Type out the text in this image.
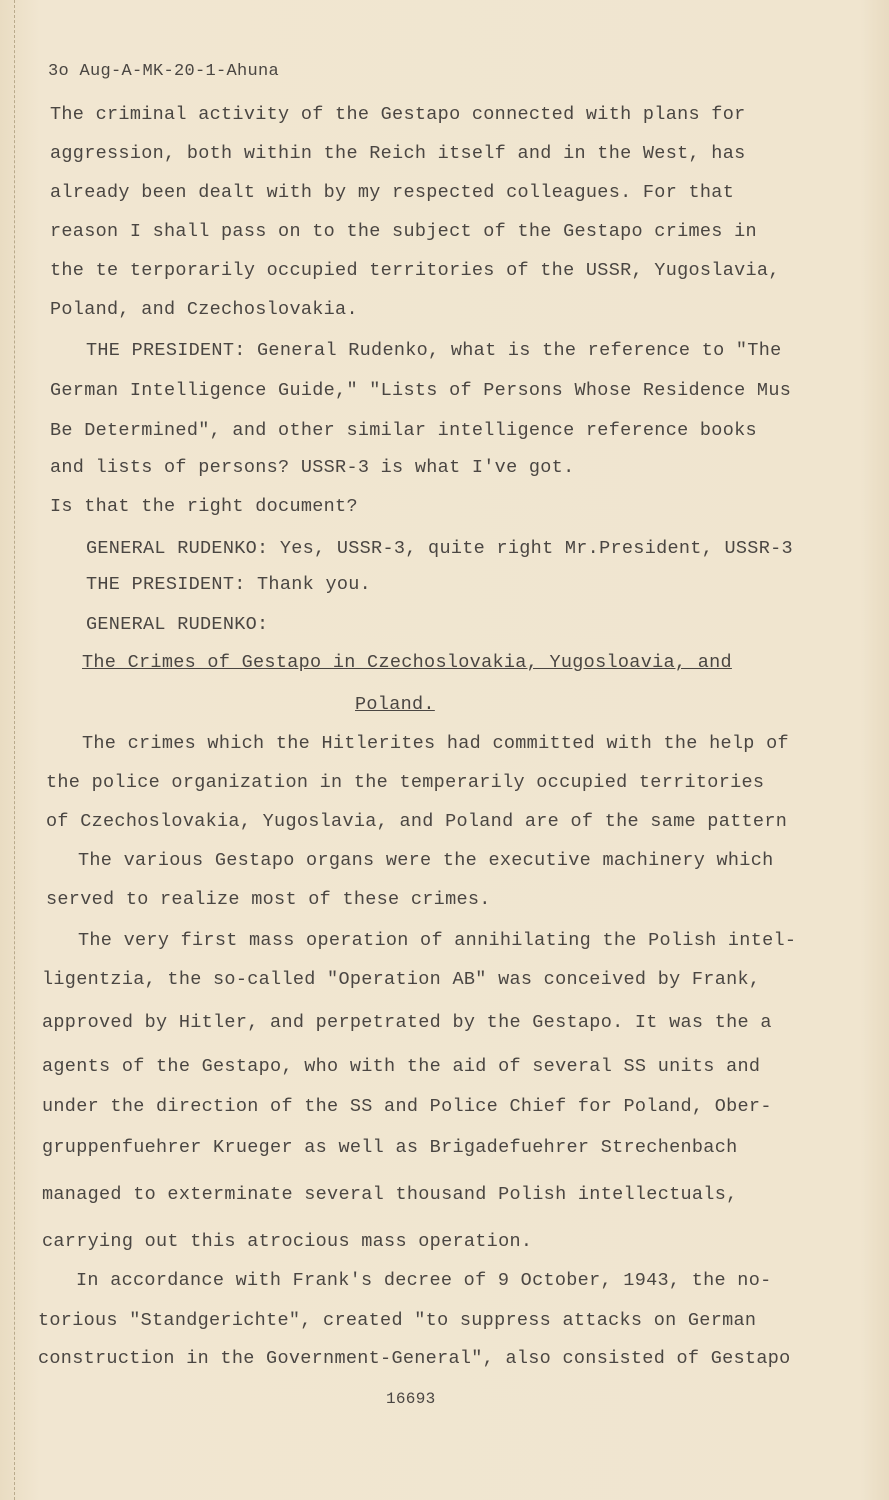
3o Aug-A-MK-20-1-Ahuna
The criminal activity of the Gestapo connected with plans for
aggression, both within the Reich itself and in the West, has
already been dealt with by my respected colleagues. For that
reason I shall pass on to the subject of the Gestapo crimes in
the te terporarily occupied territories of the USSR, Yugoslavia,
Poland, and Czechoslovakia.
THE PRESIDENT: General Rudenko, what is the reference to "The
German Intelligence Guide," "Lists of Persons Whose Residence Mus
Be Determined", and other similar intelligence reference books
and lists of persons? USSR-3 is what I've got.
Is that the right document?
GENERAL RUDENKO: Yes, USSR-3, quite right Mr.President, USSR-3
THE PRESIDENT: Thank you.
GENERAL RUDENKO:
The Crimes of Gestapo in Czechoslovakia, Yugosloavia, and
Poland.
The crimes which the Hitlerites had committed with the help of
the police organization in the temperarily occupied territories
of Czechoslovakia, Yugoslavia, and Poland are of the same pattern
The various Gestapo organs were the executive machinery which
served to realize most of these crimes.
The very first mass operation of annihilating the Polish intel-
ligentzia, the so-called "Operation AB" was conceived by Frank,
approved by Hitler, and perpetrated by the Gestapo. It was the a
agents of the Gestapo, who with the aid of several SS units and
under the direction of the SS and Police Chief for Poland, Ober-
gruppenfuehrer Krueger as well as Brigadefuehrer Strechenbach
managed to exterminate several thousand Polish intellectuals,
carrying out this atrocious mass operation.
In accordance with Frank's decree of 9 October, 1943, the no-
torious "Standgerichte", created "to suppress attacks on German
construction in the Government-General", also consisted of Gestapo
16693
